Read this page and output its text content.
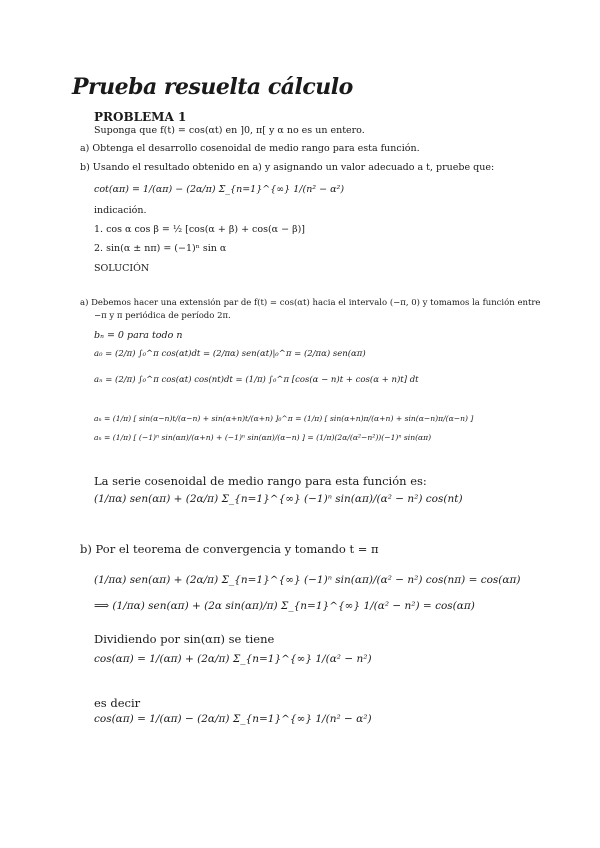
Prueba resuelta cálculo
PROBLEMA 1
Suponga que f(t) = cos(αt) en ]0, π[ y α no es un entero.
a) Obtenga el desarrollo cosenoidal de medio rango para esta función.
b) Usando el resultado obtenido en a) y asignando un valor adecuado a t, pruebe que:
cot(απ) = 1/(απ) − (2α/π) Σ_{n=1}^{∞} 1/(n² − α²)
indicación.
1. cos α cos β = ½ [cos(α + β) + cos(α − β)]
2. sin(α ± nπ) = (−1)ⁿ sin α
SOLUCIÓN
a) Debemos hacer una extensión par de f(t) = cos(αt) hacia el intervalo (−π, 0) y tomamos la función entre
−π y π periódica de período 2π.
bₙ = 0 para todo n
a₀ = (2/π) ∫₀^π cos(αt)dt = (2/πα) sen(αt)|₀^π = (2/πα) sen(απ)
aₙ = (2/π) ∫₀^π cos(αt) cos(nt)dt = (1/π) ∫₀^π [cos(α − n)t + cos(α + n)t] dt
aₙ = (1/π) [ sin(α−n)t/(α−n) + sin(α+n)t/(α+n) ]₀^π = (1/π) [ sin(α+n)π/(α+n) + sin(α−n)π/(α−n) ]
aₙ = (1/π) [ (−1)ⁿ sin(απ)/(α+n) + (−1)ⁿ sin(απ)/(α−n) ] = (1/π)(2α/(α²−n²))(−1)ⁿ sin(απ)
La serie cosenoidal de medio rango para esta función es:
(1/πα) sen(απ) + (2α/π) Σ_{n=1}^{∞} (−1)ⁿ sin(απ)/(α² − n²) cos(nt)
b) Por el teorema de convergencia y tomando t = π
(1/πα) sen(απ) + (2α/π) Σ_{n=1}^{∞} (−1)ⁿ sin(απ)/(α² − n²) cos(nπ) = cos(απ)
⟹ (1/πα) sen(απ) + (2α sin(απ)/π) Σ_{n=1}^{∞} 1/(α² − n²) = cos(απ)
Dividiendo por sin(απ) se tiene
cos(απ) = 1/(απ) + (2α/π) Σ_{n=1}^{∞} 1/(α² − n²)
es decir
cos(απ) = 1/(απ) − (2α/π) Σ_{n=1}^{∞} 1/(n² − α²)
